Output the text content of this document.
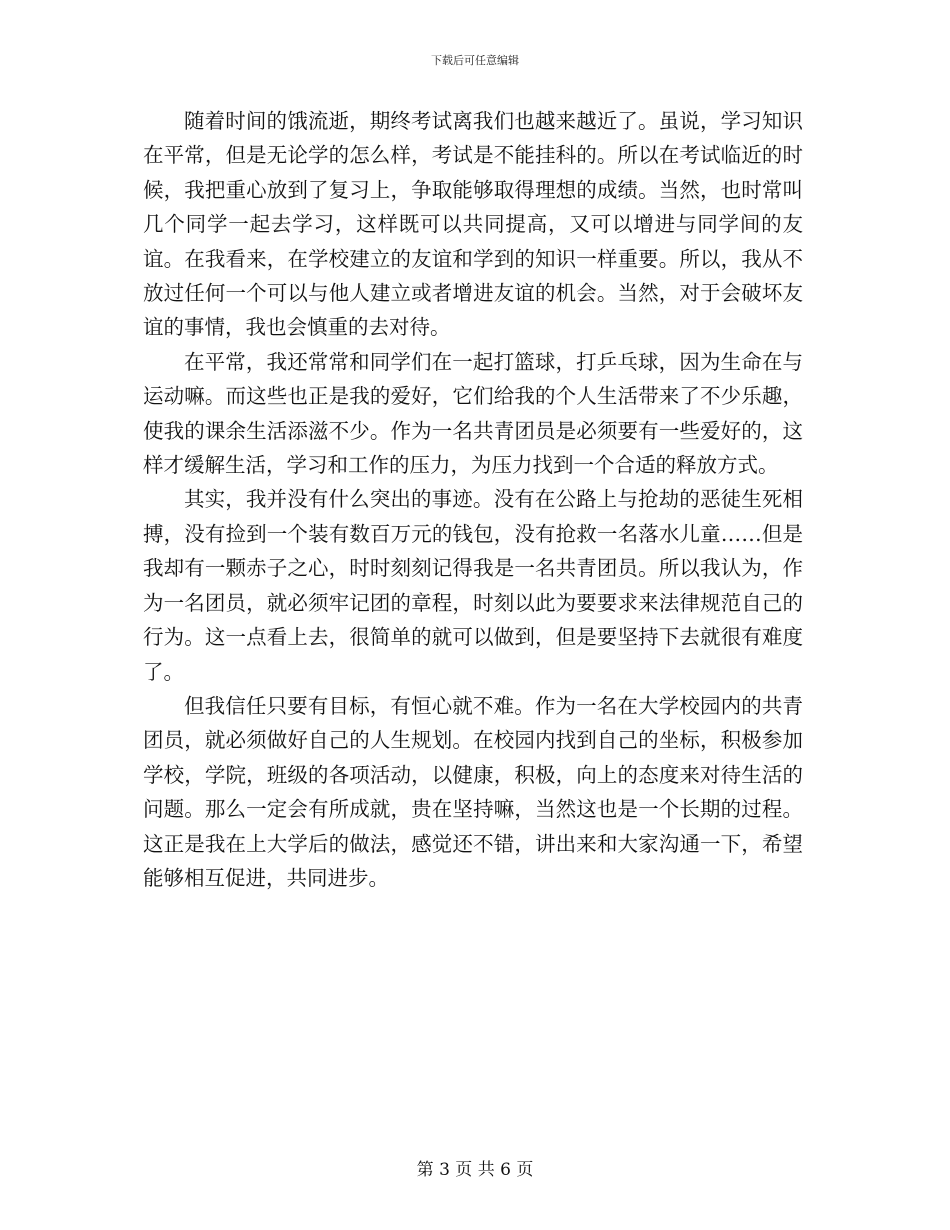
下载后可任意编辑

随着时间的饿流逝，期终考试离我们也越来越近了。虽说，学习知识在平常，但是无论学的怎么样，考试是不能挂科的。所以在考试临近的时候，我把重心放到了复习上，争取能够取得理想的成绩。当然，也时常叫几个同学一起去学习，这样既可以共同提高，又可以增进与同学间的友谊。在我看来，在学校建立的友谊和学到的知识一样重要。所以，我从不放过任何一个可以与他人建立或者增进友谊的机会。当然，对于会破坏友谊的事情，我也会慎重的去对待。

在平常，我还常常和同学们在一起打篮球，打乒乓球，因为生命在与运动嘛。而这些也正是我的爱好，它们给我的个人生活带来了不少乐趣，使我的课余生活添滋不少。作为一名共青团员是必须要有一些爱好的，这样才缓解生活，学习和工作的压力，为压力找到一个合适的释放方式。

其实，我并没有什么突出的事迹。没有在公路上与抢劫的恶徒生死相搏，没有捡到一个装有数百万元的钱包，没有抢救一名落水儿童……但是我却有一颗赤子之心，时时刻刻记得我是一名共青团员。所以我认为，作为一名团员，就必须牢记团的章程，时刻以此为要要求来法律规范自己的行为。这一点看上去，很简单的就可以做到，但是要坚持下去就很有难度了。

但我信任只要有目标，有恒心就不难。作为一名在大学校园内的共青团员，就必须做好自己的人生规划。在校园内找到自己的坐标，积极参加学校，学院，班级的各项活动，以健康，积极，向上的态度来对待生活的问题。那么一定会有所成就，贵在坚持嘛，当然这也是一个长期的过程。这正是我在上大学后的做法，感觉还不错，讲出来和大家沟通一下，希望能够相互促进，共同进步。

第 3 页 共 6 页
